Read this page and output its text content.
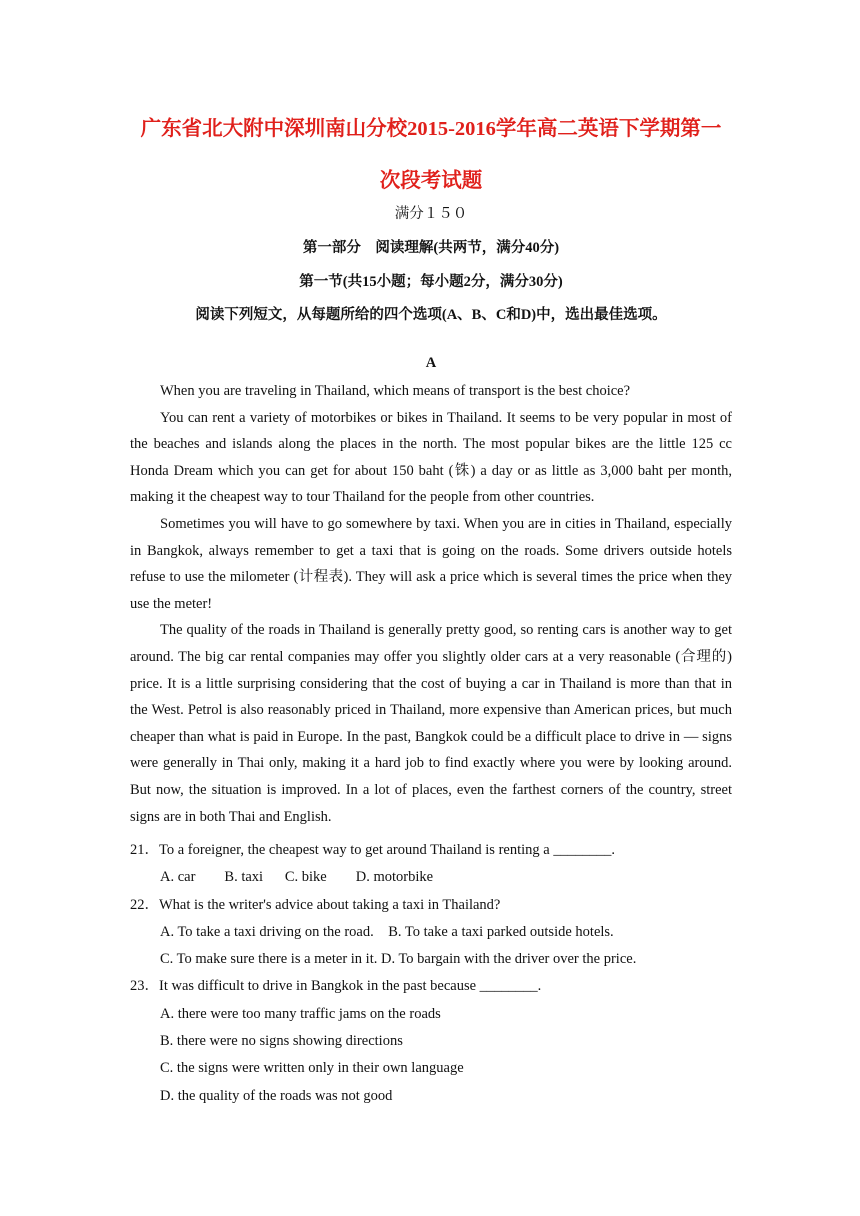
广东省北大附中深圳南山分校2015-2016学年高二英语下学期第一
次段考试题
满分１５０
第一部分　阅读理解(共两节，满分40分)
第一节(共15小题；每小题2分，满分30分)
阅读下列短文，从每题所给的四个选项(A、B、C和D)中，选出最佳选项。
A

When you are traveling in Thailand, which means of transport is the best choice?

You can rent a variety of motorbikes or bikes in Thailand. It seems to be very popular in most of the beaches and islands along the places in the north. The most popular bikes are the little 125 cc Honda Dream which you can get for about 150 baht (铢) a day or as little as 3,000 baht per month, making it the cheapest way to tour Thailand for the people from other countries.

Sometimes you will have to go somewhere by taxi. When you are in cities in Thailand, especially in Bangkok, always remember to get a taxi that is going on the roads. Some drivers outside hotels refuse to use the milometer (计程表). They will ask a price which is several times the price when they use the meter!

The quality of the roads in Thailand is generally pretty good, so renting cars is another way to get around. The big car rental companies may offer you slightly older cars at a very reasonable (合理的) price. It is a little surprising considering that the cost of buying a car in Thailand is more than that in the West. Petrol is also reasonably priced in Thailand, more expensive than American prices, but much cheaper than what is paid in Europe. In the past, Bangkok could be a difficult place to drive in — signs were generally in Thai only, making it a hard job to find exactly where you were by looking around. But now, the situation is improved. In a lot of places, even the farthest corners of the country, street signs are in both Thai and English.

21．To a foreigner, the cheapest way to get around Thailand is renting a ________.

A. car        B. taxi      C. bike        D. motorbike

22．What is the writer's advice about taking a taxi in Thailand?

A. To take a taxi driving on the road.    B. To take a taxi parked outside hotels.

C. To make sure there is a meter in it. D. To bargain with the driver over the price.

23．It was difficult to drive in Bangkok in the past because ________.

A. there were too many traffic jams on the roads

B. there were no signs showing directions

C. the signs were written only in their own language

D. the quality of the roads was not good
